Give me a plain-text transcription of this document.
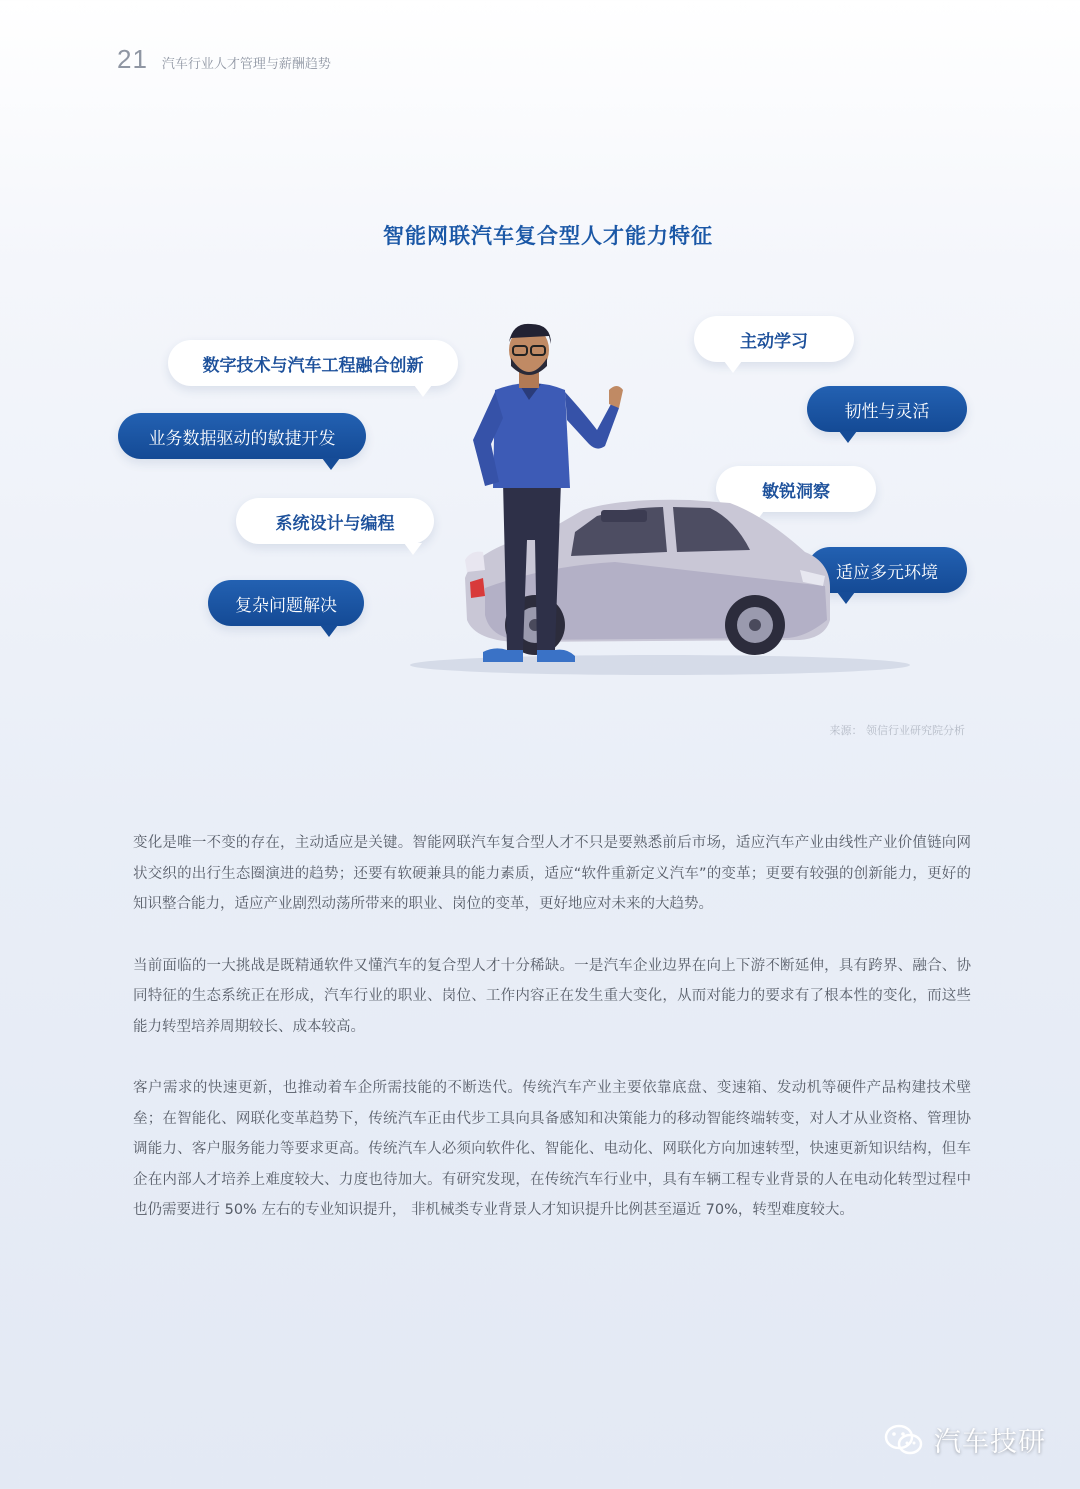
21 汽车行业人才管理与薪酬趋势
智能网联汽车复合型人才能力特征
数字技术与汽车工程融合创新
业务数据驱动的敏捷开发
系统设计与编程
复杂问题解决
主动学习
韧性与灵活
敏锐洞察
适应多元环境
来源： 领信行业研究院分析

变化是唯一不变的存在，主动适应是关键。智能网联汽车复合型人才不只是要熟悉前后市场，适应汽车产业由线性产业价值链向网状交织的出行生态圈演进的趋势；还要有软硬兼具的能力素质，适应“软件重新定义汽车”的变革；更要有较强的创新能力，更好的知识整合能力，适应产业剧烈动荡所带来的职业、岗位的变革，更好地应对未来的大趋势。

当前面临的一大挑战是既精通软件又懂汽车的复合型人才十分稀缺。一是汽车企业边界在向上下游不断延伸，具有跨界、融合、协同特征的生态系统正在形成，汽车行业的职业、岗位、工作内容正在发生重大变化，从而对能力的要求有了根本性的变化，而这些能力转型培养周期较长、成本较高。

客户需求的快速更新，也推动着车企所需技能的不断迭代。传统汽车产业主要依靠底盘、变速箱、发动机等硬件产品构建技术壁垒；在智能化、网联化变革趋势下，传统汽车正由代步工具向具备感知和决策能力的移动智能终端转变，对人才从业资格、管理协调能力、客户服务能力等要求更高。传统汽车人必须向软件化、智能化、电动化、网联化方向加速转型，快速更新知识结构，但车企在内部人才培养上难度较大、力度也待加大。有研究发现，在传统汽车行业中，具有车辆工程专业背景的人在电动化转型过程中也仍需要进行 50% 左右的专业知识提升， 非机械类专业背景人才知识提升比例甚至逼近 70%，转型难度较大。

汽车技研
